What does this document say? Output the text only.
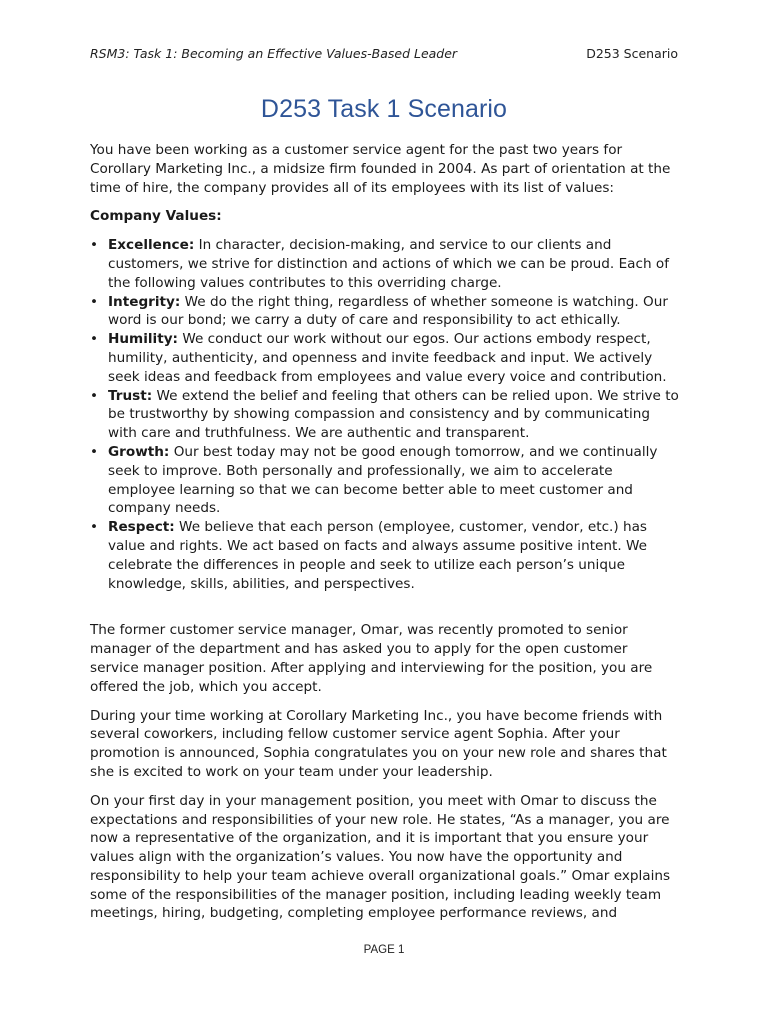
RSM3: Task 1: Becoming an Effective Values-Based Leader	D253 Scenario
D253 Task 1 Scenario

You have been working as a customer service agent for the past two years for Corollary Marketing Inc., a midsize firm founded in 2004. As part of orientation at the time of hire, the company provides all of its employees with its list of values:

Company Values:

• Excellence: In character, decision-making, and service to our clients and customers, we strive for distinction and actions of which we can be proud. Each of the following values contributes to this overriding charge.
• Integrity: We do the right thing, regardless of whether someone is watching. Our word is our bond; we carry a duty of care and responsibility to act ethically.
• Humility: We conduct our work without our egos. Our actions embody respect, humility, authenticity, and openness and invite feedback and input. We actively seek ideas and feedback from employees and value every voice and contribution.
• Trust: We extend the belief and feeling that others can be relied upon. We strive to be trustworthy by showing compassion and consistency and by communicating with care and truthfulness. We are authentic and transparent.
• Growth: Our best today may not be good enough tomorrow, and we continually seek to improve. Both personally and professionally, we aim to accelerate employee learning so that we can become better able to meet customer and company needs.
• Respect: We believe that each person (employee, customer, vendor, etc.) has value and rights. We act based on facts and always assume positive intent. We celebrate the differences in people and seek to utilize each person’s unique knowledge, skills, abilities, and perspectives.

The former customer service manager, Omar, was recently promoted to senior manager of the department and has asked you to apply for the open customer service manager position. After applying and interviewing for the position, you are offered the job, which you accept.

During your time working at Corollary Marketing Inc., you have become friends with several coworkers, including fellow customer service agent Sophia. After your promotion is announced, Sophia congratulates you on your new role and shares that she is excited to work on your team under your leadership.

On your first day in your management position, you meet with Omar to discuss the expectations and responsibilities of your new role. He states, “As a manager, you are now a representative of the organization, and it is important that you ensure your values align with the organization’s values. You now have the opportunity and responsibility to help your team achieve overall organizational goals.” Omar explains some of the responsibilities of the manager position, including leading weekly team meetings, hiring, budgeting, completing employee performance reviews, and

PAGE 1
